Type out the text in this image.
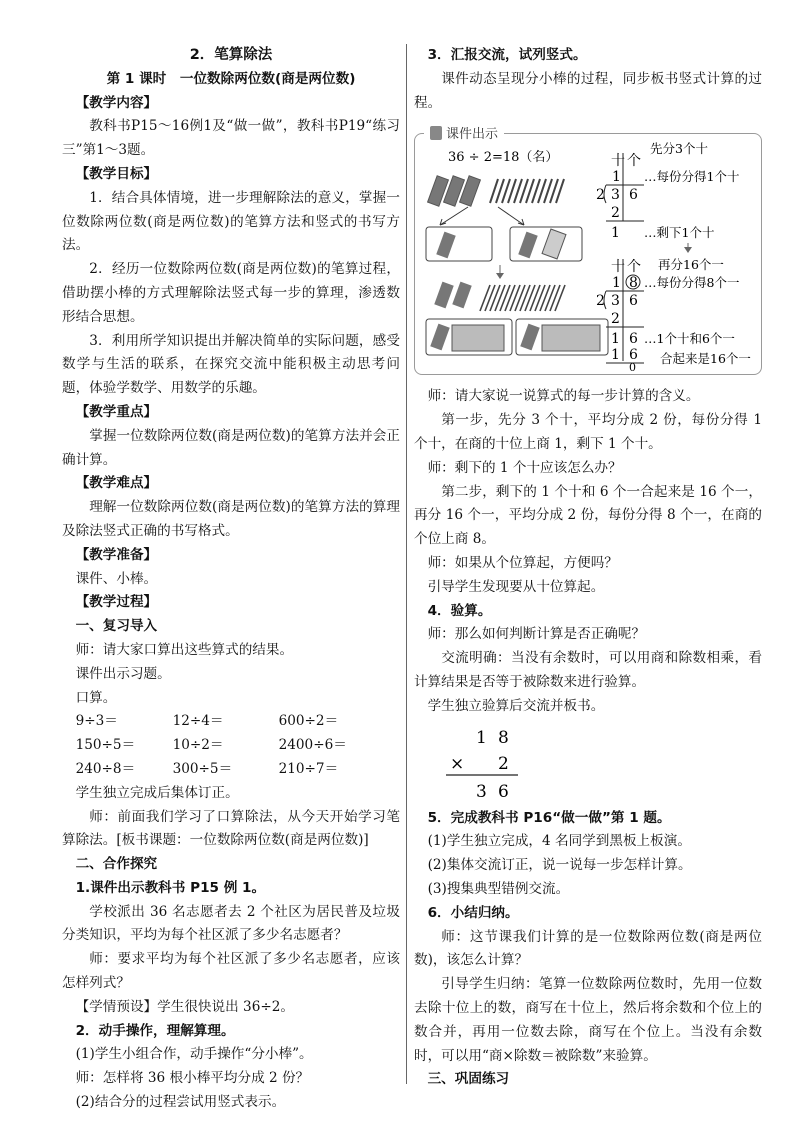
2．笔算除法

第 1 课时　一位数除两位数(商是两位数)

【教学内容】

教科书P15～16例1及“做一做”，教科书P19“练习三”第1～3题。

【教学目标】

1．结合具体情境，进一步理解除法的意义，掌握一位数除两位数(商是两位数)的笔算方法和竖式的书写方法。

2．经历一位数除两位数(商是两位数)的笔算过程，借助摆小棒的方式理解除法竖式每一步的算理，渗透数形结合思想。

3．利用所学知识提出并解决简单的实际问题，感受数学与生活的联系，在探究交流中能积极主动思考问题，体验学数学、用数学的乐趣。

【教学重点】

掌握一位数除两位数(商是两位数)的笔算方法并会正确计算。

【教学难点】

理解一位数除两位数(商是两位数)的笔算方法的算理及除法竖式正确的书写格式。

【教学准备】

课件、小棒。

【教学过程】

一、复习导入

师：请大家口算出这些算式的结果。

课件出示习题。

口算。

9÷3＝	12÷4＝	600÷2＝

150÷5＝	10÷2＝	2400÷6＝

240÷8＝	300÷5＝	210÷7＝

学生独立完成后集体订正。

师：前面我们学习了口算除法，从今天开始学习笔算除法。[板书课题：一位数除两位数(商是两位数)]

二、合作探究

1.课件出示教科书 P15 例 1。

学校派出 36 名志愿者去 2 个社区为居民普及垃圾分类知识，平均为每个社区派了多少名志愿者？

师：要求平均为每个社区派了多少名志愿者，应该怎样列式？

【学情预设】学生很快说出 36÷2。

2．动手操作，理解算理。

(1)学生小组合作，动手操作“分小棒”。

师：怎样将 36 根小棒平均分成 2 份？

(2)结合分的过程尝试用竖式表示。

3．汇报交流，试列竖式。

课件动态呈现分小棒的过程，同步板书竖式计算的过程。

课件出示
36 ÷ 2=18（名）	十 个
1
2 3 6
2
1
先分3个十
…每份分得1个十
…剩下1个十
再分16个一
十 个
1 8
2 3 6
2
1 6
1 6
0
…每份分得8个一
…1个十和6个一
合起来是16个一

师：请大家说一说算式的每一步计算的含义。

第一步，先分 3 个十，平均分成 2 份，每份分得 1 个十，在商的十位上商 1，剩下 1 个十。

师：剩下的 1 个十应该怎么办？

第二步，剩下的 1 个十和 6 个一合起来是 16 个一，再分 16 个一，平均分成 2 份，每份分得 8 个一，在商的个位上商 8。

师：如果从个位算起，方便吗？

引导学生发现要从十位算起。

4．验算。

师：那么如何判断计算是否正确呢？

交流明确：当没有余数时，可以用商和除数相乘，看计算结果是否等于被除数来进行验算。

学生独立验算后交流并板书。

1 8
× 2
3 6

5．完成教科书 P16“做一做”第 1 题。

(1)学生独立完成，4 名同学到黑板上板演。

(2)集体交流订正，说一说每一步怎样计算。

(3)搜集典型错例交流。

6．小结归纳。

师：这节课我们计算的是一位数除两位数(商是两位数)，该怎么计算？

引导学生归纳：笔算一位数除两位数时，先用一位数去除十位上的数，商写在十位上，然后将余数和个位上的数合并，再用一位数去除，商写在个位上。当没有余数时，可以用“商×除数＝被除数”来验算。

三、巩固练习
